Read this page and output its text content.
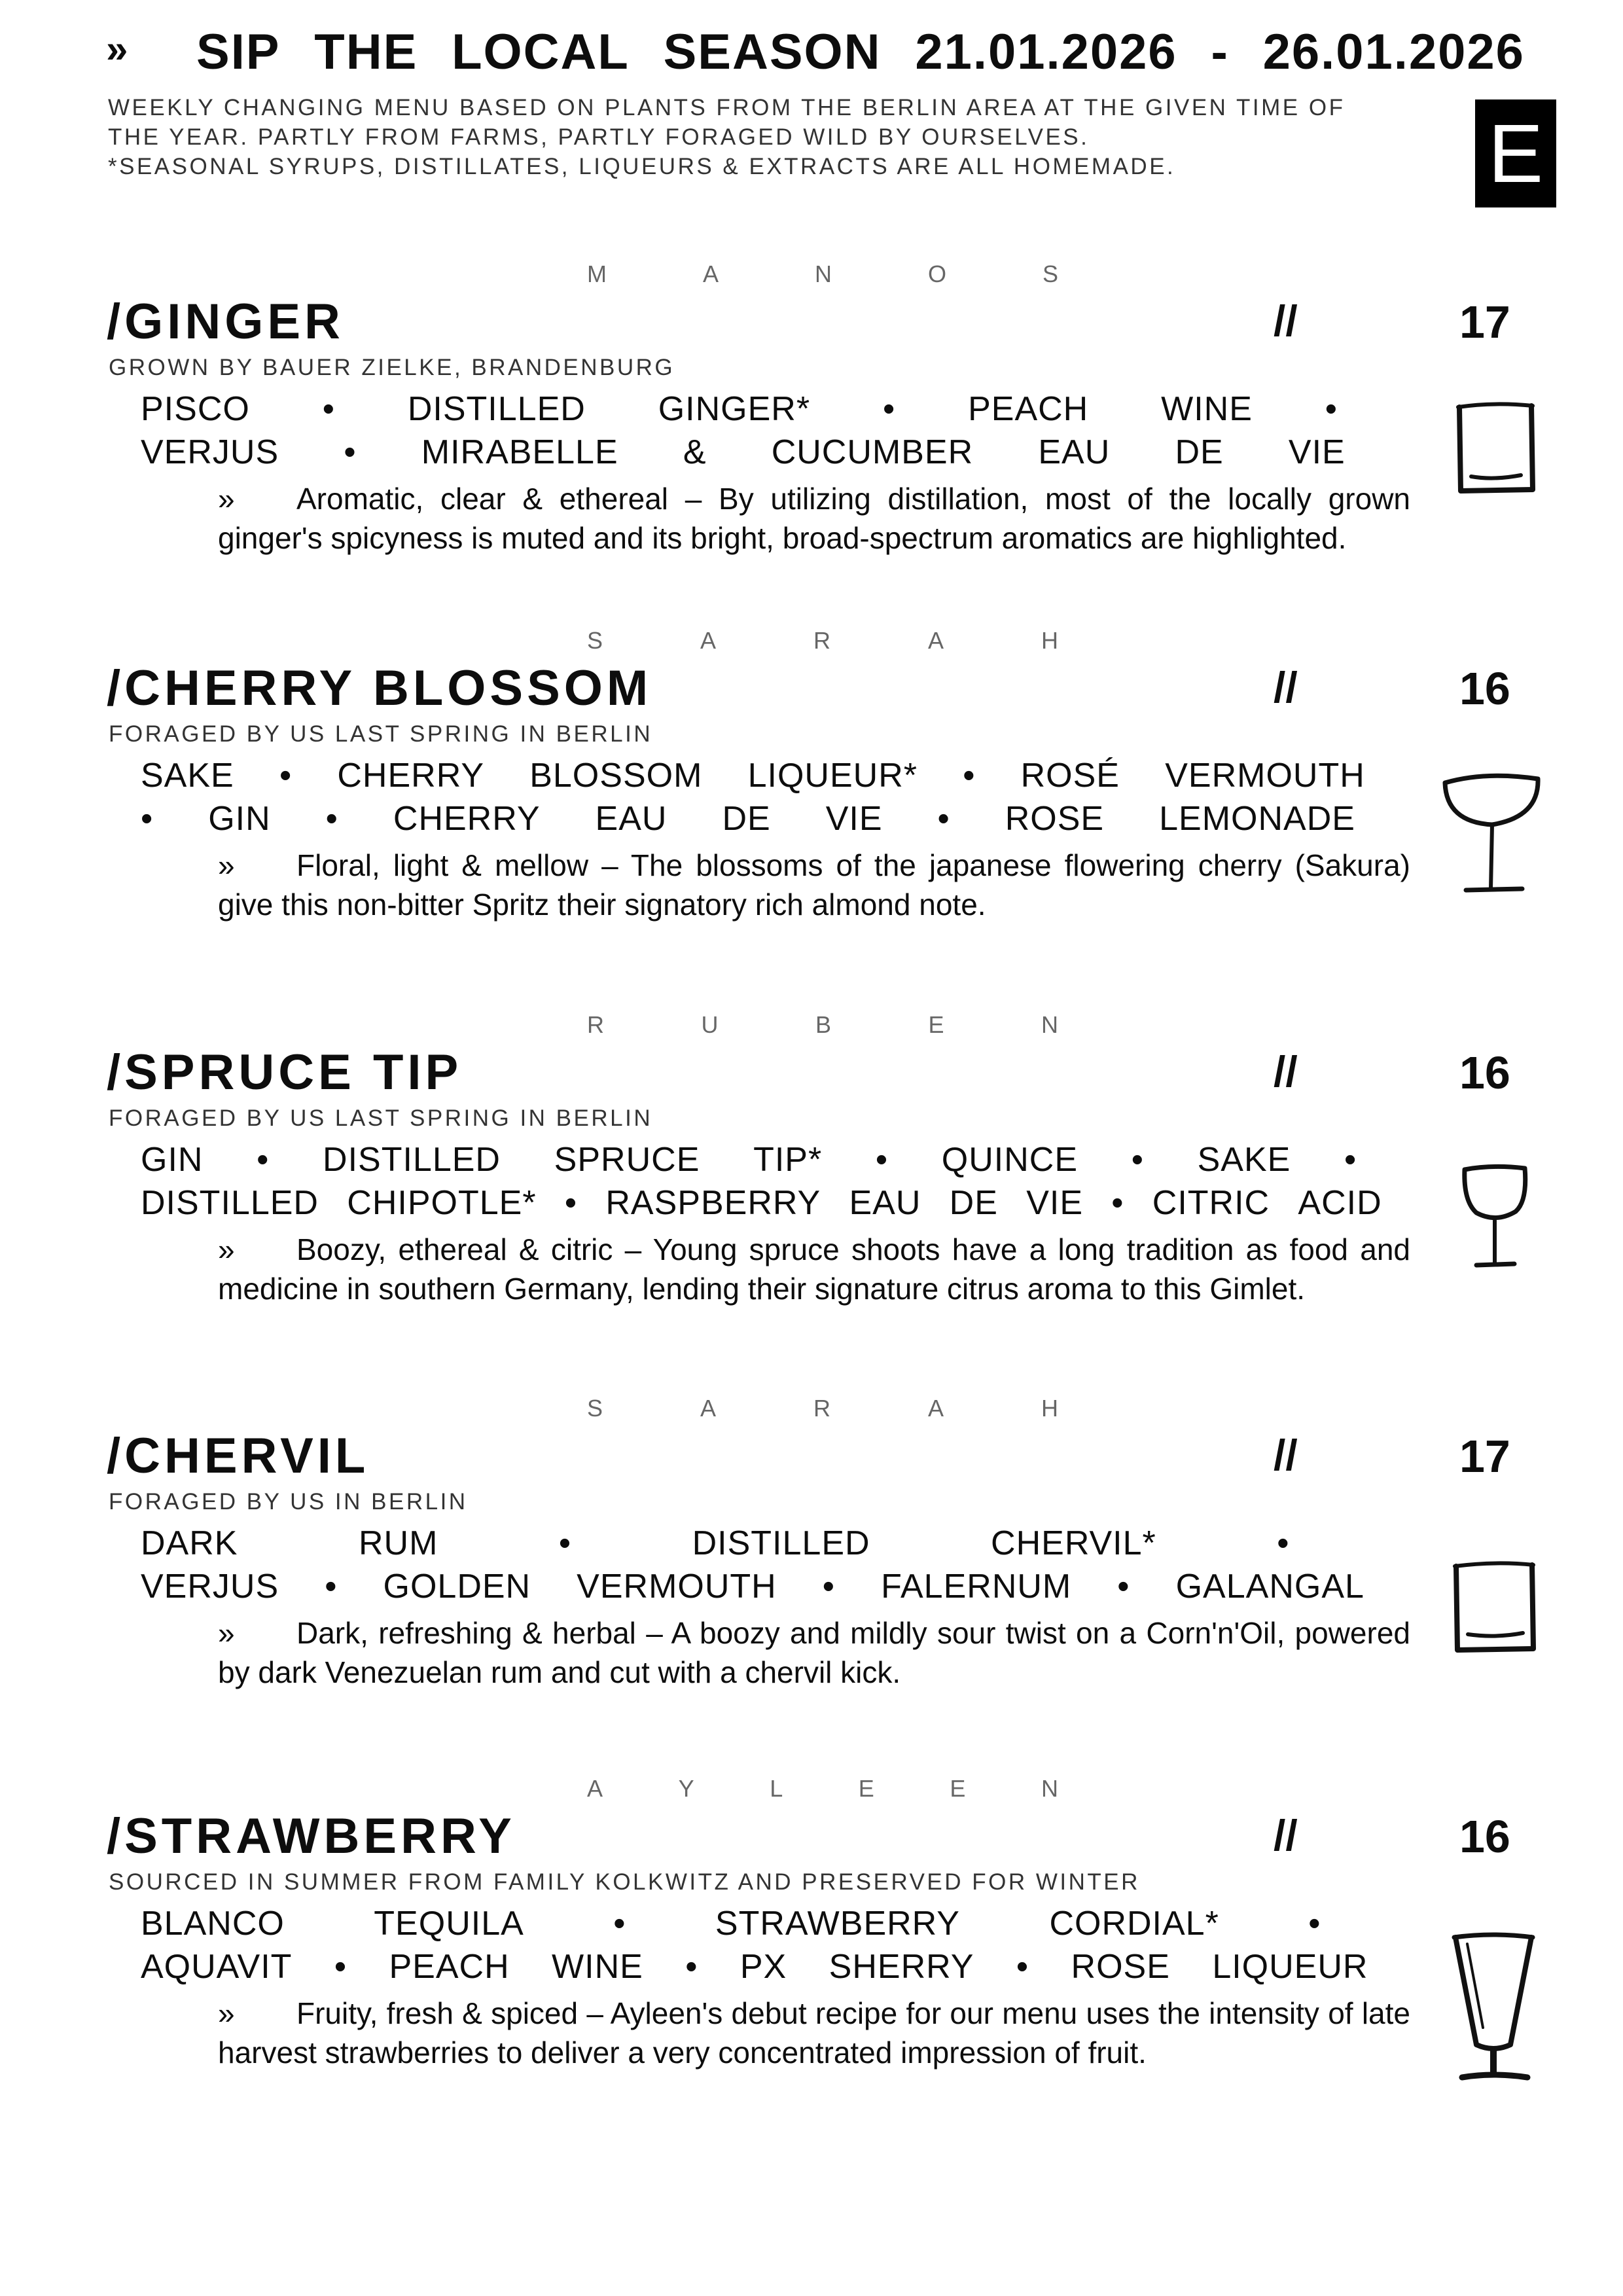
» SIP THE LOCAL SEASON 21.01.2026 - 26.01.2026
WEEKLY CHANGING MENU BASED ON PLANTS FROM THE BERLIN AREA AT THE GIVEN TIME OF
THE YEAR. PARTLY FROM FARMS, PARTLY FORAGED WILD BY OURSELVES.
*SEASONAL SYRUPS, DISTILLATES, LIQUEURS & EXTRACTS ARE ALL HOMEMADE.	E
M	A	N	O	S
/GINGER	//	17
GROWN BY BAUER ZIELKE, BRANDENBURG
PISCO • DISTILLED GINGER* • PEACH WINE •
VERJUS • MIRABELLE & CUCUMBER EAU DE VIE
» Aromatic, clear & ethereal – By utilizing distillation, most of the locally grown ginger's spicyness is muted and its bright, broad-spectrum aromatics are highlighted.
S	A	R	A	H
/CHERRY BLOSSOM	//	16
FORAGED BY US LAST SPRING IN BERLIN
SAKE • CHERRY BLOSSOM LIQUEUR* • ROSÉ VERMOUTH
• GIN • CHERRY EAU DE VIE • ROSE LEMONADE
» Floral, light & mellow – The blossoms of the japanese flowering cherry (Sakura) give this non-bitter Spritz their signatory rich almond note.
R	U	B	E	N
/SPRUCE TIP	//	16
FORAGED BY US LAST SPRING IN BERLIN
GIN • DISTILLED SPRUCE TIP* • QUINCE • SAKE •
DISTILLED CHIPOTLE* • RASPBERRY EAU DE VIE • CITRIC ACID
» Boozy, ethereal & citric – Young spruce shoots have a long tradition as food and medicine in southern Germany, lending their signature citrus aroma to this Gimlet.
S	A	R	A	H
/CHERVIL	//	17
FORAGED BY US IN BERLIN
DARK	RUM	•	DISTILLED	CHERVIL*	•
VERJUS • GOLDEN VERMOUTH • FALERNUM • GALANGAL
» Dark, refreshing & herbal – A boozy and mildly sour twist on a Corn'n'Oil, powered by dark Venezuelan rum and cut with a chervil kick.
A	Y	L	E	E	N
/STRAWBERRY	//	16
SOURCED IN SUMMER FROM FAMILY KOLKWITZ AND PRESERVED FOR WINTER
BLANCO	TEQUILA	•	STRAWBERRY	CORDIAL*	•
AQUAVIT • PEACH WINE • PX SHERRY • ROSE LIQUEUR
» Fruity, fresh & spiced – Ayleen's debut recipe for our menu uses the intensity of late harvest strawberries to deliver a very concentrated impression of fruit.
